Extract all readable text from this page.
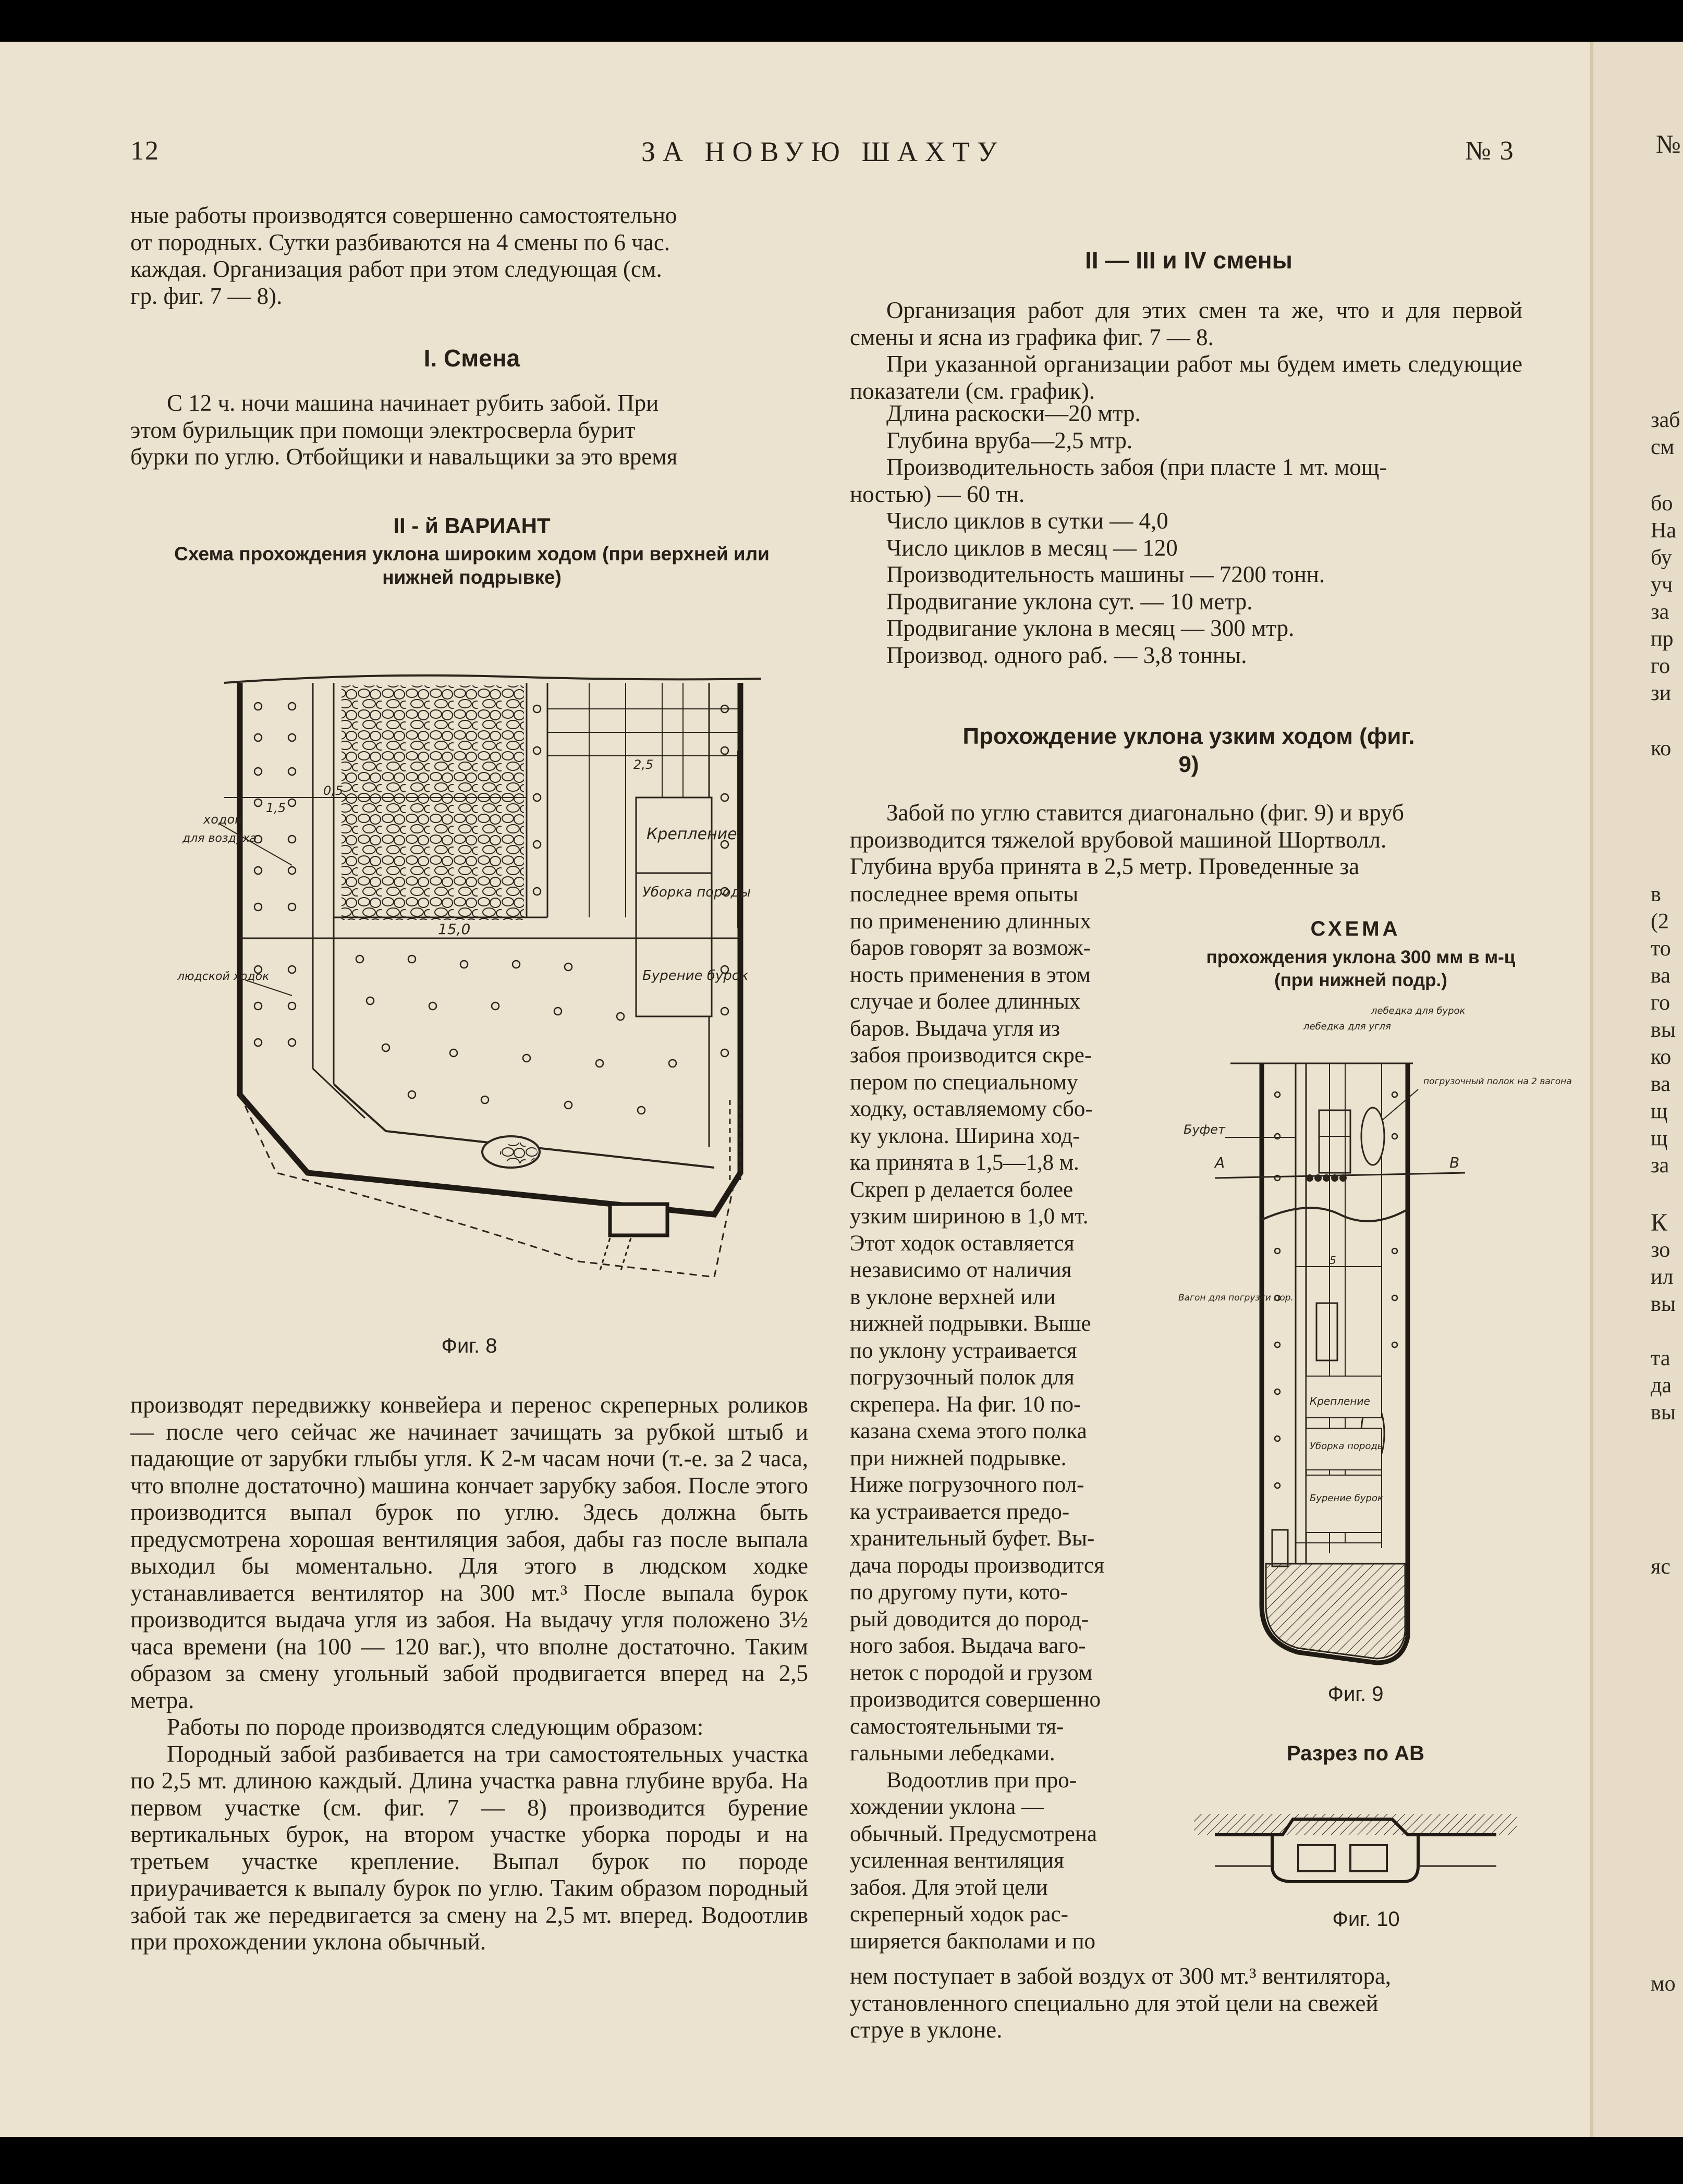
12	ЗА НОВУЮ ШАХТУ	№ 3
ные работы производятся совершенно самостоятельно
от породных. Сутки разбиваются на 4 смены по 6 час.
каждая. Организация работ при этом следующая (см.
гр. фиг. 7 — 8).
I. Смена
С 12 ч. ночи машина начинает рубить забой. При
этом бурильщик при помощи электросверла бурит
бурки по углю. Отбойщики и навальщики за это время
II - й ВАРИАНТ
Схема прохождения уклона широким ходом (при верхней или нижней подрывке)
Крепление
Уборка породы
Бурение бурок
15,0
0,5
1,5
2,5
ходок
для воздуха
людской ходок
Фиг. 8

производят передвижку конвейера и перенос скреперных роликов — после чего сейчас же начинает зачищать за рубкой штыб и падающие от зарубки глыбы угля. К 2-м часам ночи (т.-е. за 2 часа, что вполне достаточно) машина кончает зарубку забоя. После этого производится выпал бурок по углю. Здесь должна быть предусмотрена хорошая вентиляция забоя, дабы газ после выпала выходил бы моментально. Для этого в людском ходке устанавливается вентилятор на 300 мт.³ После выпала бурок производится выдача угля из забоя. На выдачу угля положено 3½ часа времени (на 100 — 120 ваг.), что вполне достаточно. Таким образом за смену угольный забой продвигается вперед на 2,5 метра.

Работы по породе производятся следующим образом:

Породный забой разбивается на три самостоятельных участка по 2,5 мт. длиною каждый. Длина участка равна глубине вруба. На первом участке (см. фиг. 7 — 8) производится бурение вертикальных бурок, на втором участке уборка породы и на третьем участке крепление. Выпал бурок по породе приурачивается к выпалу бурок по углю. Таким образом породный забой так же передвигается за смену на 2,5 мт. вперед. Водоотлив при прохождении уклона обычный.

II — III и IV смены

Организация работ для этих смен та же, что и для первой смены и ясна из графика фиг. 7 — 8.

При указанной организации работ мы будем иметь следующие показатели (см. график).

Длина раскоски—20 мтр.
Глубина вруба—2,5 мтр.
Производительность забоя (при пласте 1 мт. мощ-
ностью) — 60 тн.
Число циклов в сутки — 4,0
Число циклов в месяц — 120
Производительность машины — 7200 тонн.
Продвигание уклона сут. — 10 метр.
Продвигание уклона в месяц — 300 мтр.
Производ. одного раб. — 3,8 тонны.
Прохождение уклона узким ходом (фиг. 9)
Забой по углю ставится диагонально (фиг. 9) и вруб
производится тяжелой врубовой машиной Шортволл.
Глубина вруба принята в 2,5 метр. Проведенные за
последнее время опыты
по применению длинных
баров говорят за возмож-
ность применения в этом
случае и более длинных
баров. Выдача угля из
забоя производится скре-
пером по специальному
ходку, оставляемому сбо-
ку уклона. Ширина ход-
ка принята в 1,5—1,8 м.
Скреп р делается более
узким шириною в 1,0 мт.
Этот ходок оставляется
независимо от наличия
в уклоне верхней или
нижней подрывки. Выше
по уклону устраивается
погрузочный полок для
скрепера. На фиг. 10 по-
казана схема этого полка
при нижней подрывке.
Ниже погрузочного пол-
ка устраивается предо-
хранительный буфет. Вы-
дача породы производится
по другому пути, кото-
рый доводится до пород-
ного забоя. Выдача ваго-
неток с породой и грузом
производится совершенно
самостоятельными тя-
гальными лебедками.
Водоотлив при про-
хождении уклона —
обычный. Предусмотрена
усиленная вентиляция
забоя. Для этой цели
скреперный ходок рас-
ширяется бакполами и по
нем поступает в забой воздух от 300 мт.³ вентилятора,
установленного специально для этой цели на свежей
струе в уклоне.
СХЕМА
прохождения уклона 300 мм в м-ц (при нижней подр.)
А	В
Крепление
Уборка породы
Бурение бурок
5
лебедка для угля
лебедка для бурок
погрузочный полок на 2 вагона
Буфет
Вагон для погрузки пор.
Фиг. 9
Разрез по АВ
Фиг. 10
№
заб
см
бо
На
бу
уч
за
пр
го
зи
ко
в
(2
то
ва
го
вы
ко
ва
щ
щ
за
К
зо
ил
вы
та
да
вы
яс
мо
